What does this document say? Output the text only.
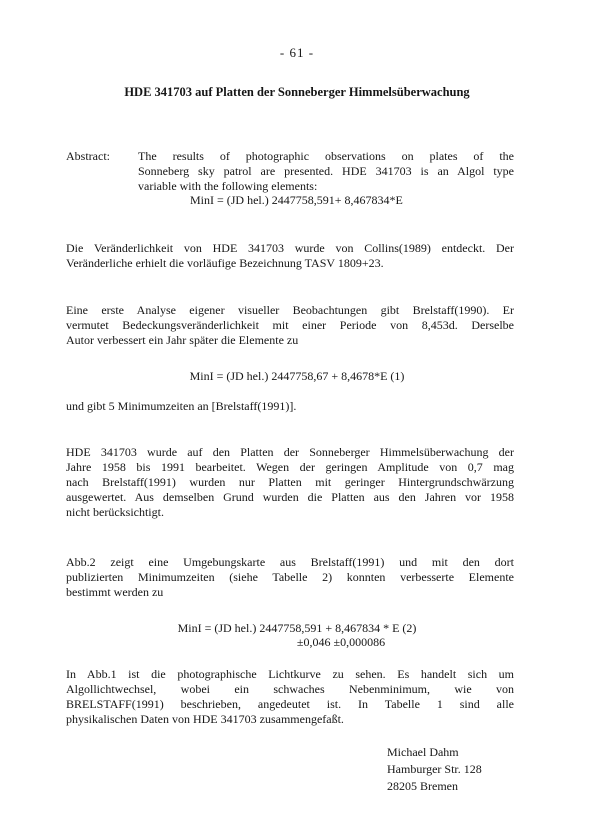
- 61 -
HDE 341703 auf Platten der Sonneberger Himmelsüberwachung
Abstract: The results of photographic observations on plates of the
Sonneberg sky patrol are presented. HDE 341703 is an Algol type
variable with the following elements:
MinI = (JD hel.) 2447758,591+ 8,467834*E
Die Veränderlichkeit von HDE 341703 wurde von Collins(1989) entdeckt. Der
Veränderliche erhielt die vorläufige Bezeichnung TASV 1809+23.
Eine erste Analyse eigener visueller Beobachtungen gibt Brelstaff(1990). Er
vermutet Bedeckungsveränderlichkeit mit einer Periode von 8,453d. Derselbe
Autor verbessert ein Jahr später die Elemente zu
MinI = (JD hel.) 2447758,67 + 8,4678*E (1)
und gibt 5 Minimumzeiten an [Brelstaff(1991)].
HDE 341703 wurde auf den Platten der Sonneberger Himmelsüberwachung der
Jahre 1958 bis 1991 bearbeitet. Wegen der geringen Amplitude von 0,7 mag
nach Brelstaff(1991) wurden nur Platten mit geringer Hintergrundschwärzung
ausgewertet. Aus demselben Grund wurden die Platten aus den Jahren vor 1958
nicht berücksichtigt.
Abb.2 zeigt eine Umgebungskarte aus Brelstaff(1991) und mit den dort
publizierten Minimumzeiten (siehe Tabelle 2) konnten verbesserte Elemente
bestimmt werden zu
MinI = (JD hel.) 2447758,591 + 8,467834 * E (2)
±0,046 ±0,000086
In Abb.1 ist die photographische Lichtkurve zu sehen. Es handelt sich um
Algollichtwechsel, wobei ein schwaches Nebenminimum, wie von
BRELSTAFF(1991) beschrieben, angedeutet ist. In Tabelle 1 sind alle
physikalischen Daten von HDE 341703 zusammengefaßt.
Michael Dahm
Hamburger Str. 128
28205 Bremen
